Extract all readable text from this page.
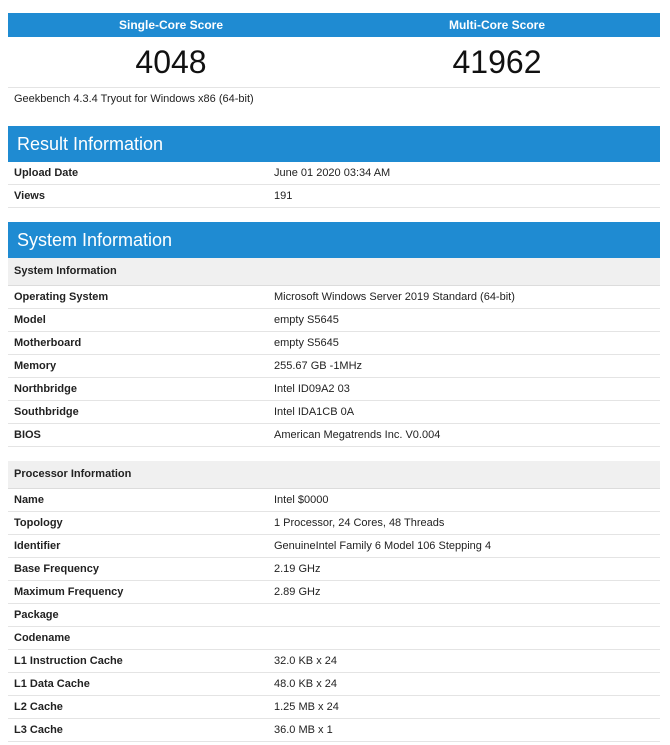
Single-Core Score	Multi-Core Score
4048	41962
Geekbench 4.3.4 Tryout for Windows x86 (64-bit)
Result Information
Upload Date	June 01 2020 03:34 AM
Views	191
System Information
System Information
Operating System	Microsoft Windows Server 2019 Standard (64-bit)
Model	empty S5645
Motherboard	empty S5645
Memory	255.67 GB -1MHz
Northbridge	Intel ID09A2 03
Southbridge	Intel IDA1CB 0A
BIOS	American Megatrends Inc. V0.004
Processor Information
Name	Intel $0000
Topology	1 Processor, 24 Cores, 48 Threads
Identifier	GenuineIntel Family 6 Model 106 Stepping 4
Base Frequency	2.19 GHz
Maximum Frequency	2.89 GHz
Package	
Codename	
L1 Instruction Cache	32.0 KB x 24
L1 Data Cache	48.0 KB x 24
L2 Cache	1.25 MB x 24
L3 Cache	36.0 MB x 1
